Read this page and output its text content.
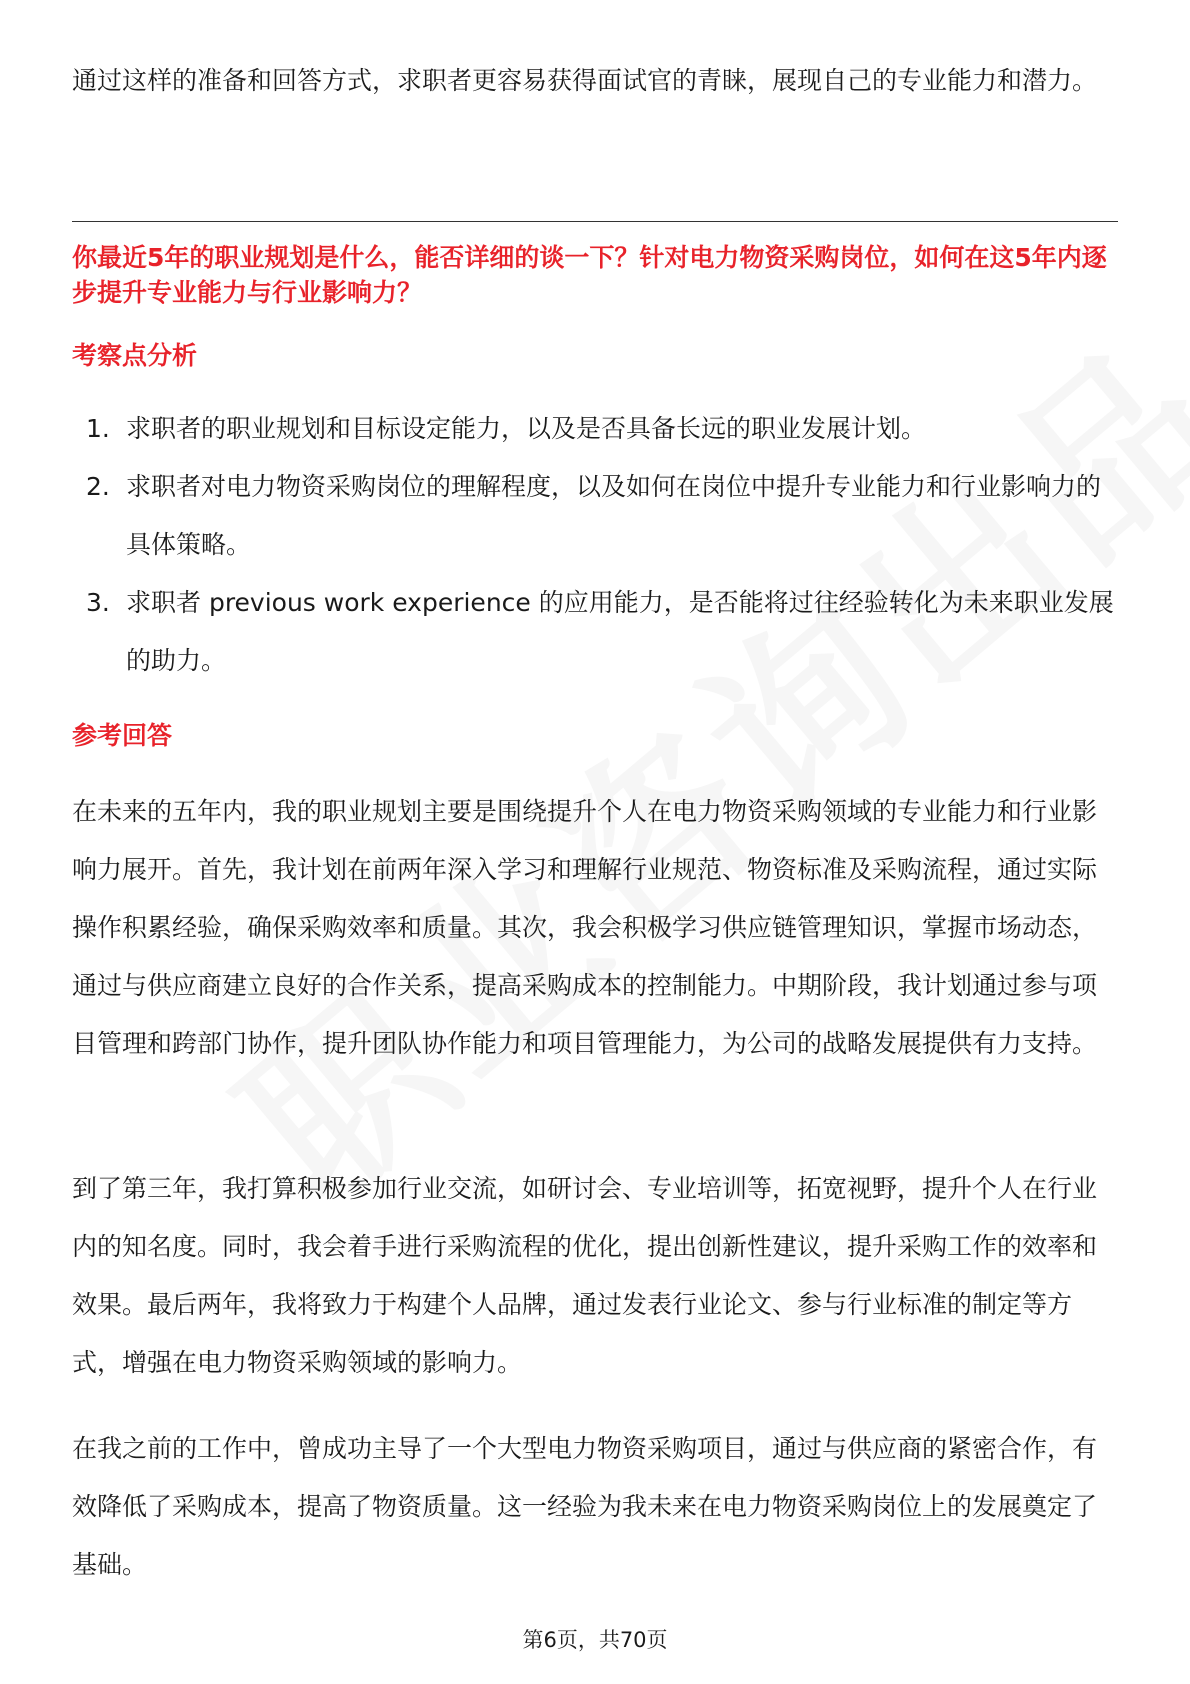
通过这样的准备和回答方式，求职者更容易获得面试官的青睐，展现自己的专业能力和潜力。

你最近5年的职业规划是什么，能否详细的谈一下？针对电力物资采购岗位，如何在这5年内逐步提升专业能力与行业影响力？

考察点分析

1. 求职者的职业规划和目标设定能力，以及是否具备长远的职业发展计划。
2. 求职者对电力物资采购岗位的理解程度，以及如何在岗位中提升专业能力和行业影响力的具体策略。
3. 求职者 previous work experience 的应用能力，是否能将过往经验转化为未来职业发展的助力。

参考回答

在未来的五年内，我的职业规划主要是围绕提升个人在电力物资采购领域的专业能力和行业影响力展开。首先，我计划在前两年深入学习和理解行业规范、物资标准及采购流程，通过实际操作积累经验，确保采购效率和质量。其次，我会积极学习供应链管理知识，掌握市场动态，通过与供应商建立良好的合作关系，提高采购成本的控制能力。中期阶段，我计划通过参与项目管理和跨部门协作，提升团队协作能力和项目管理能力，为公司的战略发展提供有力支持。

到了第三年，我打算积极参加行业交流，如研讨会、专业培训等，拓宽视野，提升个人在行业内的知名度。同时，我会着手进行采购流程的优化，提出创新性建议，提升采购工作的效率和效果。最后两年，我将致力于构建个人品牌，通过发表行业论文、参与行业标准的制定等方式，增强在电力物资采购领域的影响力。

在我之前的工作中，曾成功主导了一个大型电力物资采购项目，通过与供应商的紧密合作，有效降低了采购成本，提高了物资质量。这一经验为我未来在电力物资采购岗位上的发展奠定了基础。

第6页，共70页
